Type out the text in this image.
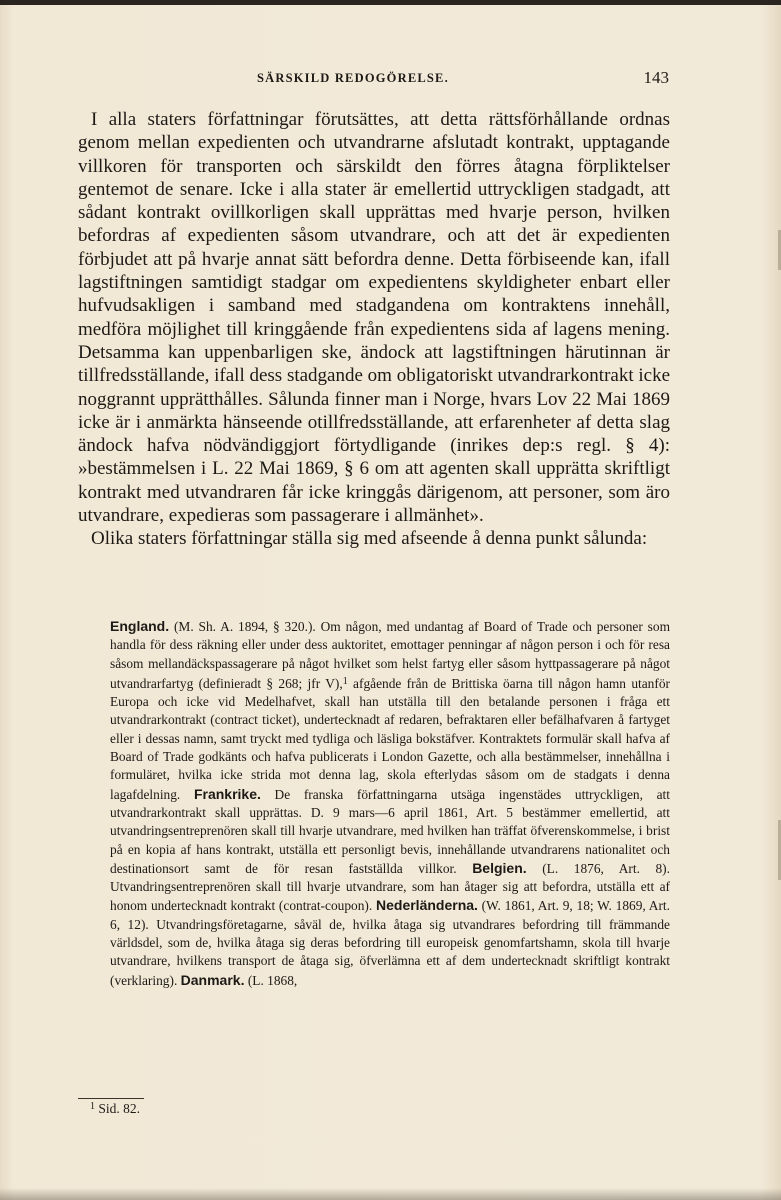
SÄRSKILD REDOGÖRELSE.	143

I alla staters författningar förutsättes, att detta rättsförhållande ordnas genom mellan expedienten och utvandrarne afslutadt kontrakt, upptagande villkoren för transporten och särskildt den förres åtagna förpliktelser gentemot de senare. Icke i alla stater är emellertid uttryckligen stadgadt, att sådant kontrakt ovillkorligen skall upprättas med hvarje person, hvilken befordras af expedienten såsom utvandrare, och att det är expedienten förbjudet att på hvarje annat sätt befordra denne. Detta förbiseende kan, ifall lagstiftningen samtidigt stadgar om expedientens skyldigheter enbart eller hufvudsakligen i samband med stadgandena om kontraktens innehåll, medföra möjlighet till kringgående från expedientens sida af lagens mening. Detsamma kan uppenbarligen ske, ändock att lagstiftningen härutinnan är tillfredsställande, ifall dess stadgande om obligatoriskt utvandrarkontrakt icke noggrannt upprätthålles. Sålunda finner man i Norge, hvars Lov 22 Mai 1869 icke är i anmärkta hänseende otillfredsställande, att erfarenheter af detta slag ändock hafva nödvändiggjort förtydligande (inrikes dep:s regl. § 4): »bestämmelsen i L. 22 Mai 1869, § 6 om att agenten skall upprätta skriftligt kontrakt med utvandraren får icke kringgås därigenom, att personer, som äro utvandrare, expedieras som passagerare i allmänhet».

Olika staters författningar ställa sig med afseende å denna punkt sålunda:

England. (M. Sh. A. 1894, § 320.). Om någon, med undantag af Board of Trade och personer som handla för dess räkning eller under dess auktoritet, emottager penningar af någon person i och för resa såsom mellandäckspassagerare på något hvilket som helst fartyg eller såsom hyttpassagerare på något utvandrarfartyg (definieradt § 268; jfr V),$^1$ afgående från de Brittiska öarna till någon hamn utanför Europa och icke vid Medelhafvet, skall han utställa till den betalande personen i fråga ett utvandrarkontrakt (contract ticket), undertecknadt af redaren, befraktaren eller befälhafvaren å fartyget eller i dessas namn, samt tryckt med tydliga och läsliga bokstäfver. Kontraktets formulär skall hafva af Board of Trade godkänts och hafva publicerats i London Gazette, och alla bestämmelser, innehållna i formuläret, hvilka icke strida mot denna lag, skola efterlydas såsom om de stadgats i denna lagafdelning. Frankrike. De franska författningarna utsäga ingenstädes uttryckligen, att utvandrarkontrakt skall upprättas. D. 9 mars—6 april 1861, Art. 5 bestämmer emellertid, att utvandringsentreprenören skall till hvarje utvandrare, med hvilken han träffat öfverenskommelse, i brist på en kopia af hans kontrakt, utställa ett personligt bevis, innehållande utvandrarens nationalitet och destinationsort samt de för resan fastställda villkor. Belgien. (L. 1876, Art. 8). Utvandringsentreprenören skall till hvarje utvandrare, som han åtager sig att befordra, utställa ett af honom undertecknadt kontrakt (contrat-coupon). Nederländerna. (W. 1861, Art. 9, 18; W. 1869, Art. 6, 12). Utvandringsföretagarne, såväl de, hvilka åtaga sig utvandrares befordring till främmande världsdel, som de, hvilka åtaga sig deras befordring till europeisk genomfartshamn, skola till hvarje utvandrare, hvilkens transport de åtaga sig, öfverlämna ett af dem undertecknadt skriftligt kontrakt (verklaring). Danmark. (L. 1868,

$^1$ Sid. 82.
